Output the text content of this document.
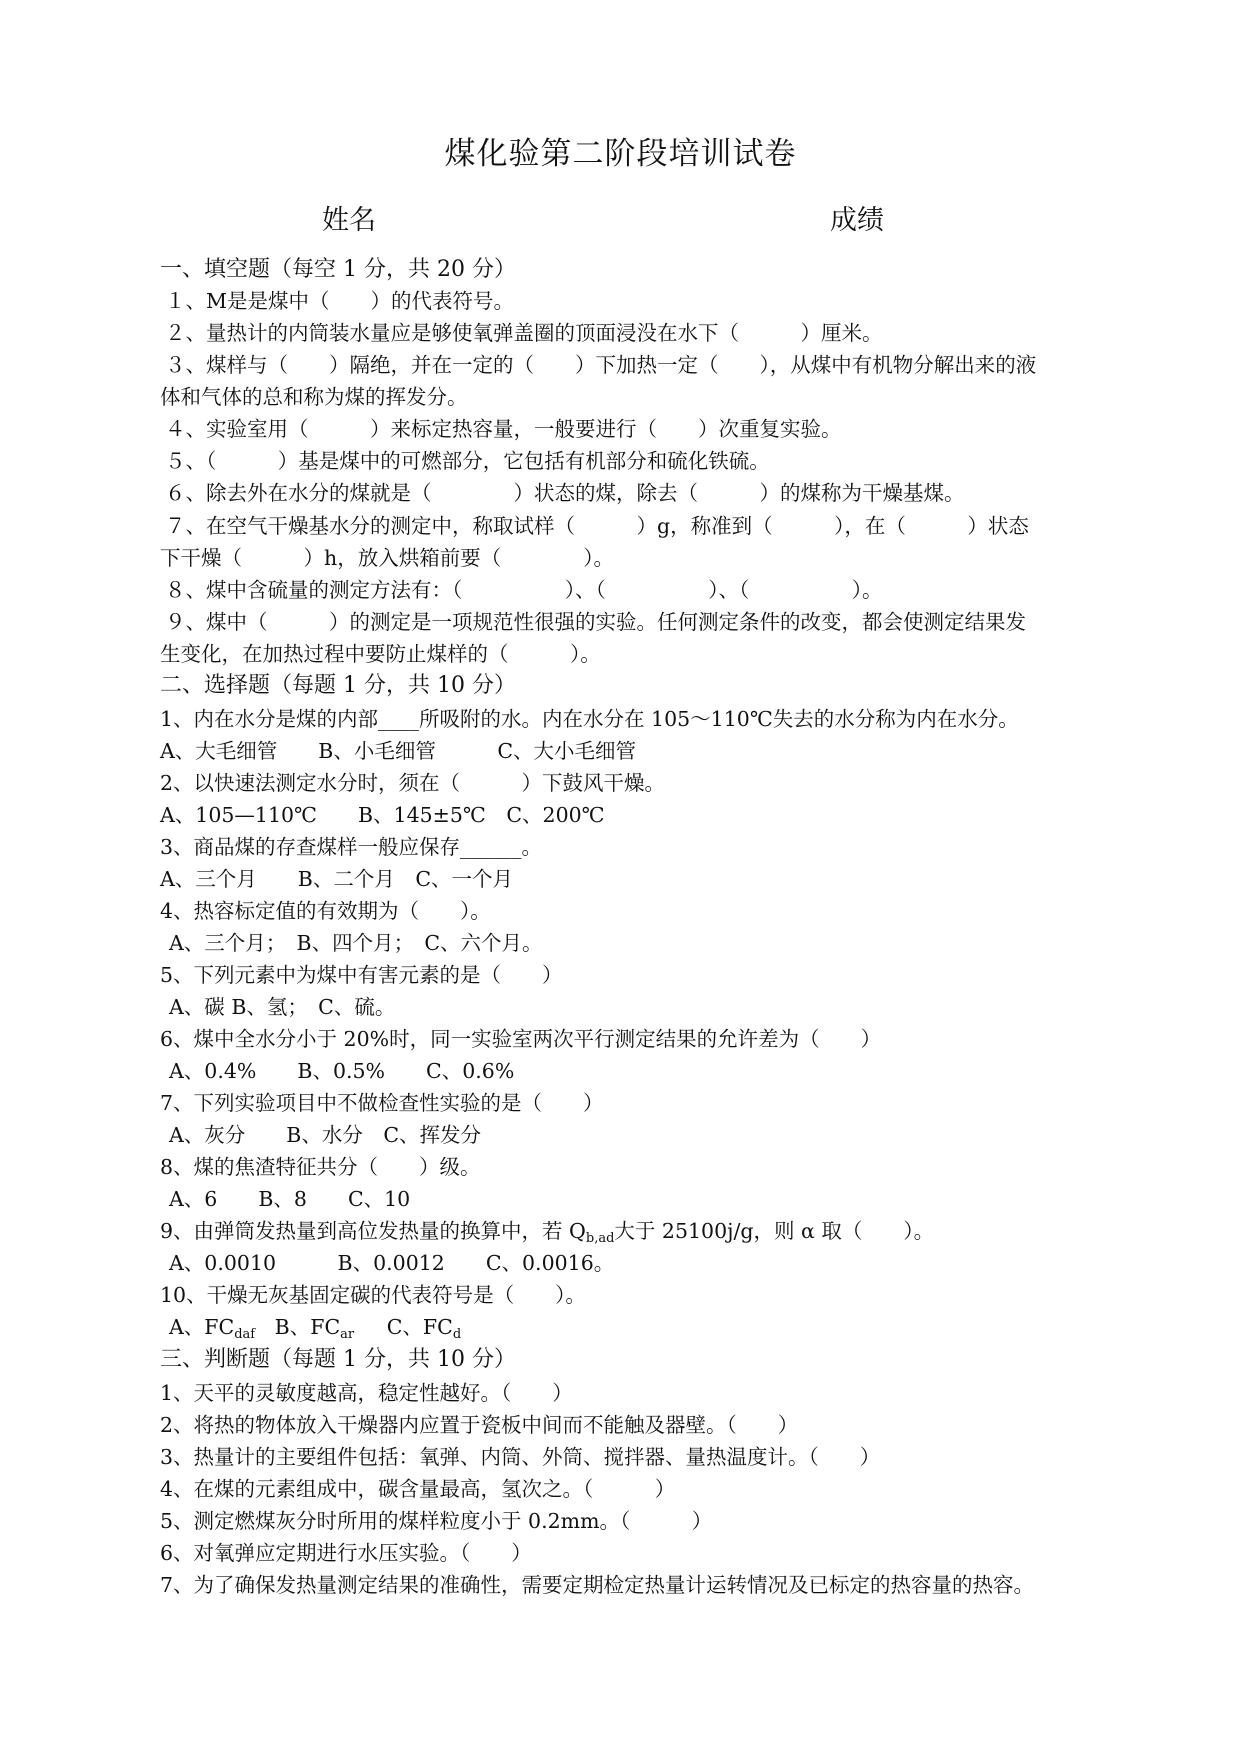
煤化验第二阶段培训试卷
姓名	成绩
一、填空题（每空 1 分，共 20 分）
１、M是是煤中（　　）的代表符号。
２、量热计的内筒装水量应是够使氧弹盖圈的顶面浸没在水下（　　　）厘米。
３、煤样与（　　）隔绝，并在一定的（　　）下加热一定（　　），从煤中有机物分解出来的液
体和气体的总和称为煤的挥发分。
４、实验室用（　　　）来标定热容量，一般要进行（　　）次重复实验。
５、（　　　）基是煤中的可燃部分，它包括有机部分和硫化铁硫。
６、除去外在水分的煤就是（　　　　）状态的煤，除去（　　　）的煤称为干燥基煤。
７、在空气干燥基水分的测定中，称取试样（　　　）g，称准到（　　　），在（　　　）状态
下干燥（　　　）h，放入烘箱前要（　　　　）。
８、煤中含硫量的测定方法有：（　　　　　）、（　　　　　）、（　　　　　）。
９、煤中（　　　）的测定是一项规范性很强的实验。任何测定条件的改变，都会使测定结果发
生变化，在加热过程中要防止煤样的（　　　）。
二、选择题（每题 1 分，共 10 分）
1、内在水分是煤的内部____所吸附的水。内在水分在 105～110℃失去的水分称为内在水分。
A、大毛细管　　B、小毛细管　　　C、大小毛细管
2、以快速法测定水分时，须在（　　　）下鼓风干燥。
A、105—110℃　　B、145±5℃　C、200℃
3、商品煤的存查煤样一般应保存______。
A、三个月　　B、二个月　C、一个月
4、热容标定值的有效期为（　　）。
A、三个月；　B、四个月；　C、六个月。
5、下列元素中为煤中有害元素的是（　　）
A、碳 B、氢；　C、硫。
6、煤中全水分小于 20%时，同一实验室两次平行测定结果的允许差为（　　）
A、0.4%　　B、0.5%　　C、0.6%
7、下列实验项目中不做检查性实验的是（　　）
A、灰分　　B、水分　C、挥发分
8、煤的焦渣特征共分（　　）级。
A、6　　B、8　　C、10
9、由弹筒发热量到高位发热量的换算中，若 $Q_{b,ad}$大于 25100j/g，则 α 取（　　）。
A、0.0010　　　B、0.0012　　C、0.0016。
10、干燥无灰基固定碳的代表符号是（　　）。
A、$FC_{daf}$ B、$FC_{ar}$ C、$FC_d$
三、判断题（每题 1 分，共 10 分）
1、天平的灵敏度越高，稳定性越好。（　　）
2、将热的物体放入干燥器内应置于瓷板中间而不能触及器壁。（　　）
3、热量计的主要组件包括：氧弹、内筒、外筒、搅拌器、量热温度计。（　　）
4、在煤的元素组成中，碳含量最高，氢次之。（　　　）
5、测定燃煤灰分时所用的煤样粒度小于 0.2mm。（　　　）
6、对氧弹应定期进行水压实验。（　　）
7、为了确保发热量测定结果的准确性，需要定期检定热量计运转情况及已标定的热容量的热容。
